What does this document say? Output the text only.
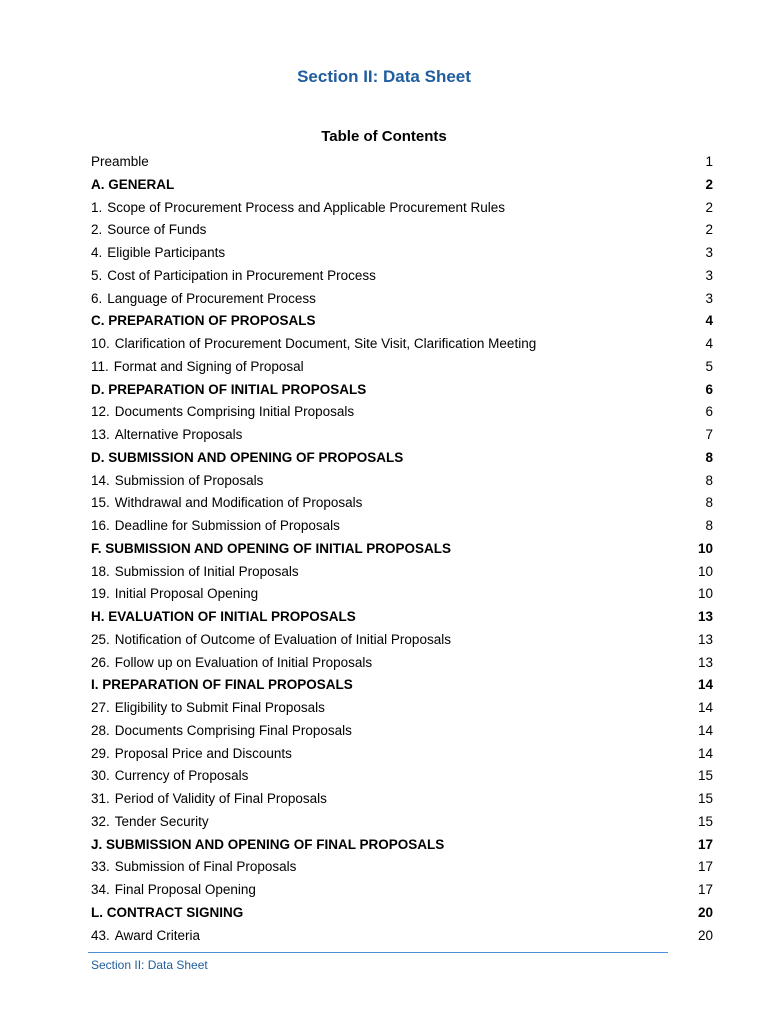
Section II: Data Sheet
Table of Contents
Preamble	1
A. GENERAL	2
1. Scope of Procurement Process and Applicable Procurement Rules	2
2. Source of Funds	2
4. Eligible Participants	3
5. Cost of Participation in Procurement Process	3
6. Language of Procurement Process	3
C. PREPARATION OF PROPOSALS	4
10. Clarification of Procurement Document, Site Visit, Clarification Meeting	4
11. Format and Signing of Proposal	5
D. PREPARATION OF INITIAL PROPOSALS	6
12. Documents Comprising Initial Proposals	6
13. Alternative Proposals	7
D. SUBMISSION AND OPENING OF PROPOSALS	8
14. Submission of Proposals	8
15. Withdrawal and Modification of Proposals	8
16. Deadline for Submission of Proposals	8
F. SUBMISSION AND OPENING OF INITIAL PROPOSALS	10
18. Submission of Initial Proposals	10
19. Initial Proposal Opening	10
H. EVALUATION OF INITIAL PROPOSALS	13
25. Notification of Outcome of Evaluation of Initial Proposals	13
26. Follow up on Evaluation of Initial Proposals	13
I. PREPARATION OF FINAL PROPOSALS	14
27. Eligibility to Submit Final Proposals	14
28. Documents Comprising Final Proposals	14
29. Proposal Price and Discounts	14
30. Currency of Proposals	15
31. Period of Validity of Final Proposals	15
32. Tender Security	15
J. SUBMISSION AND OPENING OF FINAL PROPOSALS	17
33. Submission of Final Proposals	17
34. Final Proposal Opening	17
L. CONTRACT SIGNING	20
43. Award Criteria	20
Section II: Data Sheet
